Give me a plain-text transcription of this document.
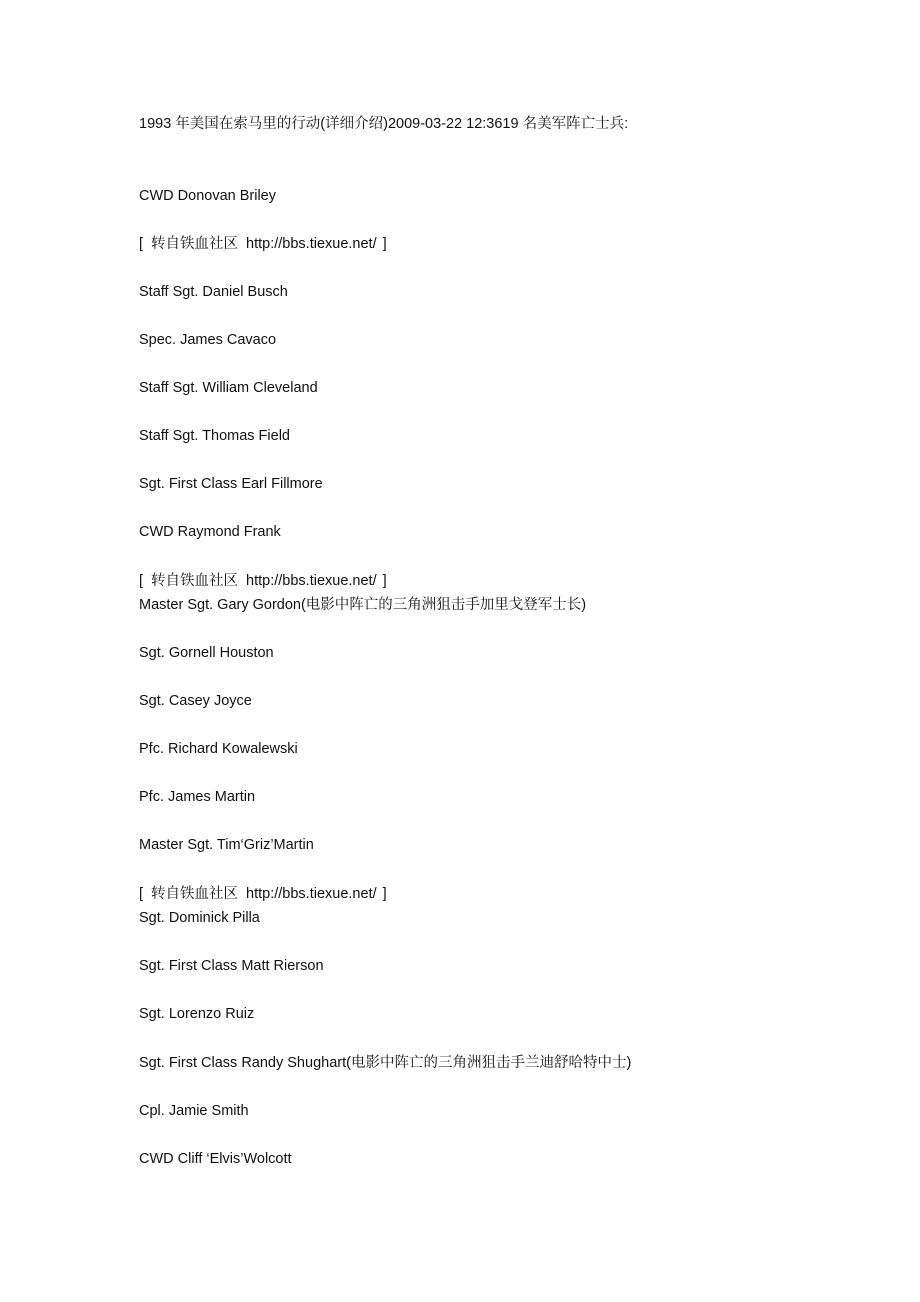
1993 年美国在索马里的行动(详细介绍)2009-03-22 12:3619 名美军阵亡士兵:
CWD Donovan Briley
[ 转自铁血社区 http://bbs.tiexue.net/ ]
Staff Sgt. Daniel Busch
Spec. James Cavaco
Staff Sgt. William Cleveland
Staff Sgt. Thomas Field
Sgt. First Class Earl Fillmore
CWD Raymond Frank
[ 转自铁血社区 http://bbs.tiexue.net/ ]
Master Sgt. Gary Gordon(电影中阵亡的三角洲狙击手加里戈登军士长)
Sgt. Gornell Houston
Sgt. Casey Joyce
Pfc. Richard Kowalewski
Pfc. James Martin
Master Sgt. Tim‘Griz’Martin
[ 转自铁血社区 http://bbs.tiexue.net/ ]
Sgt. Dominick Pilla
Sgt. First Class Matt Rierson
Sgt. Lorenzo Ruiz
Sgt. First Class Randy Shughart(电影中阵亡的三角洲狙击手兰迪舒哈特中士)
Cpl. Jamie Smith
CWD Cliff ‘Elvis’Wolcott
